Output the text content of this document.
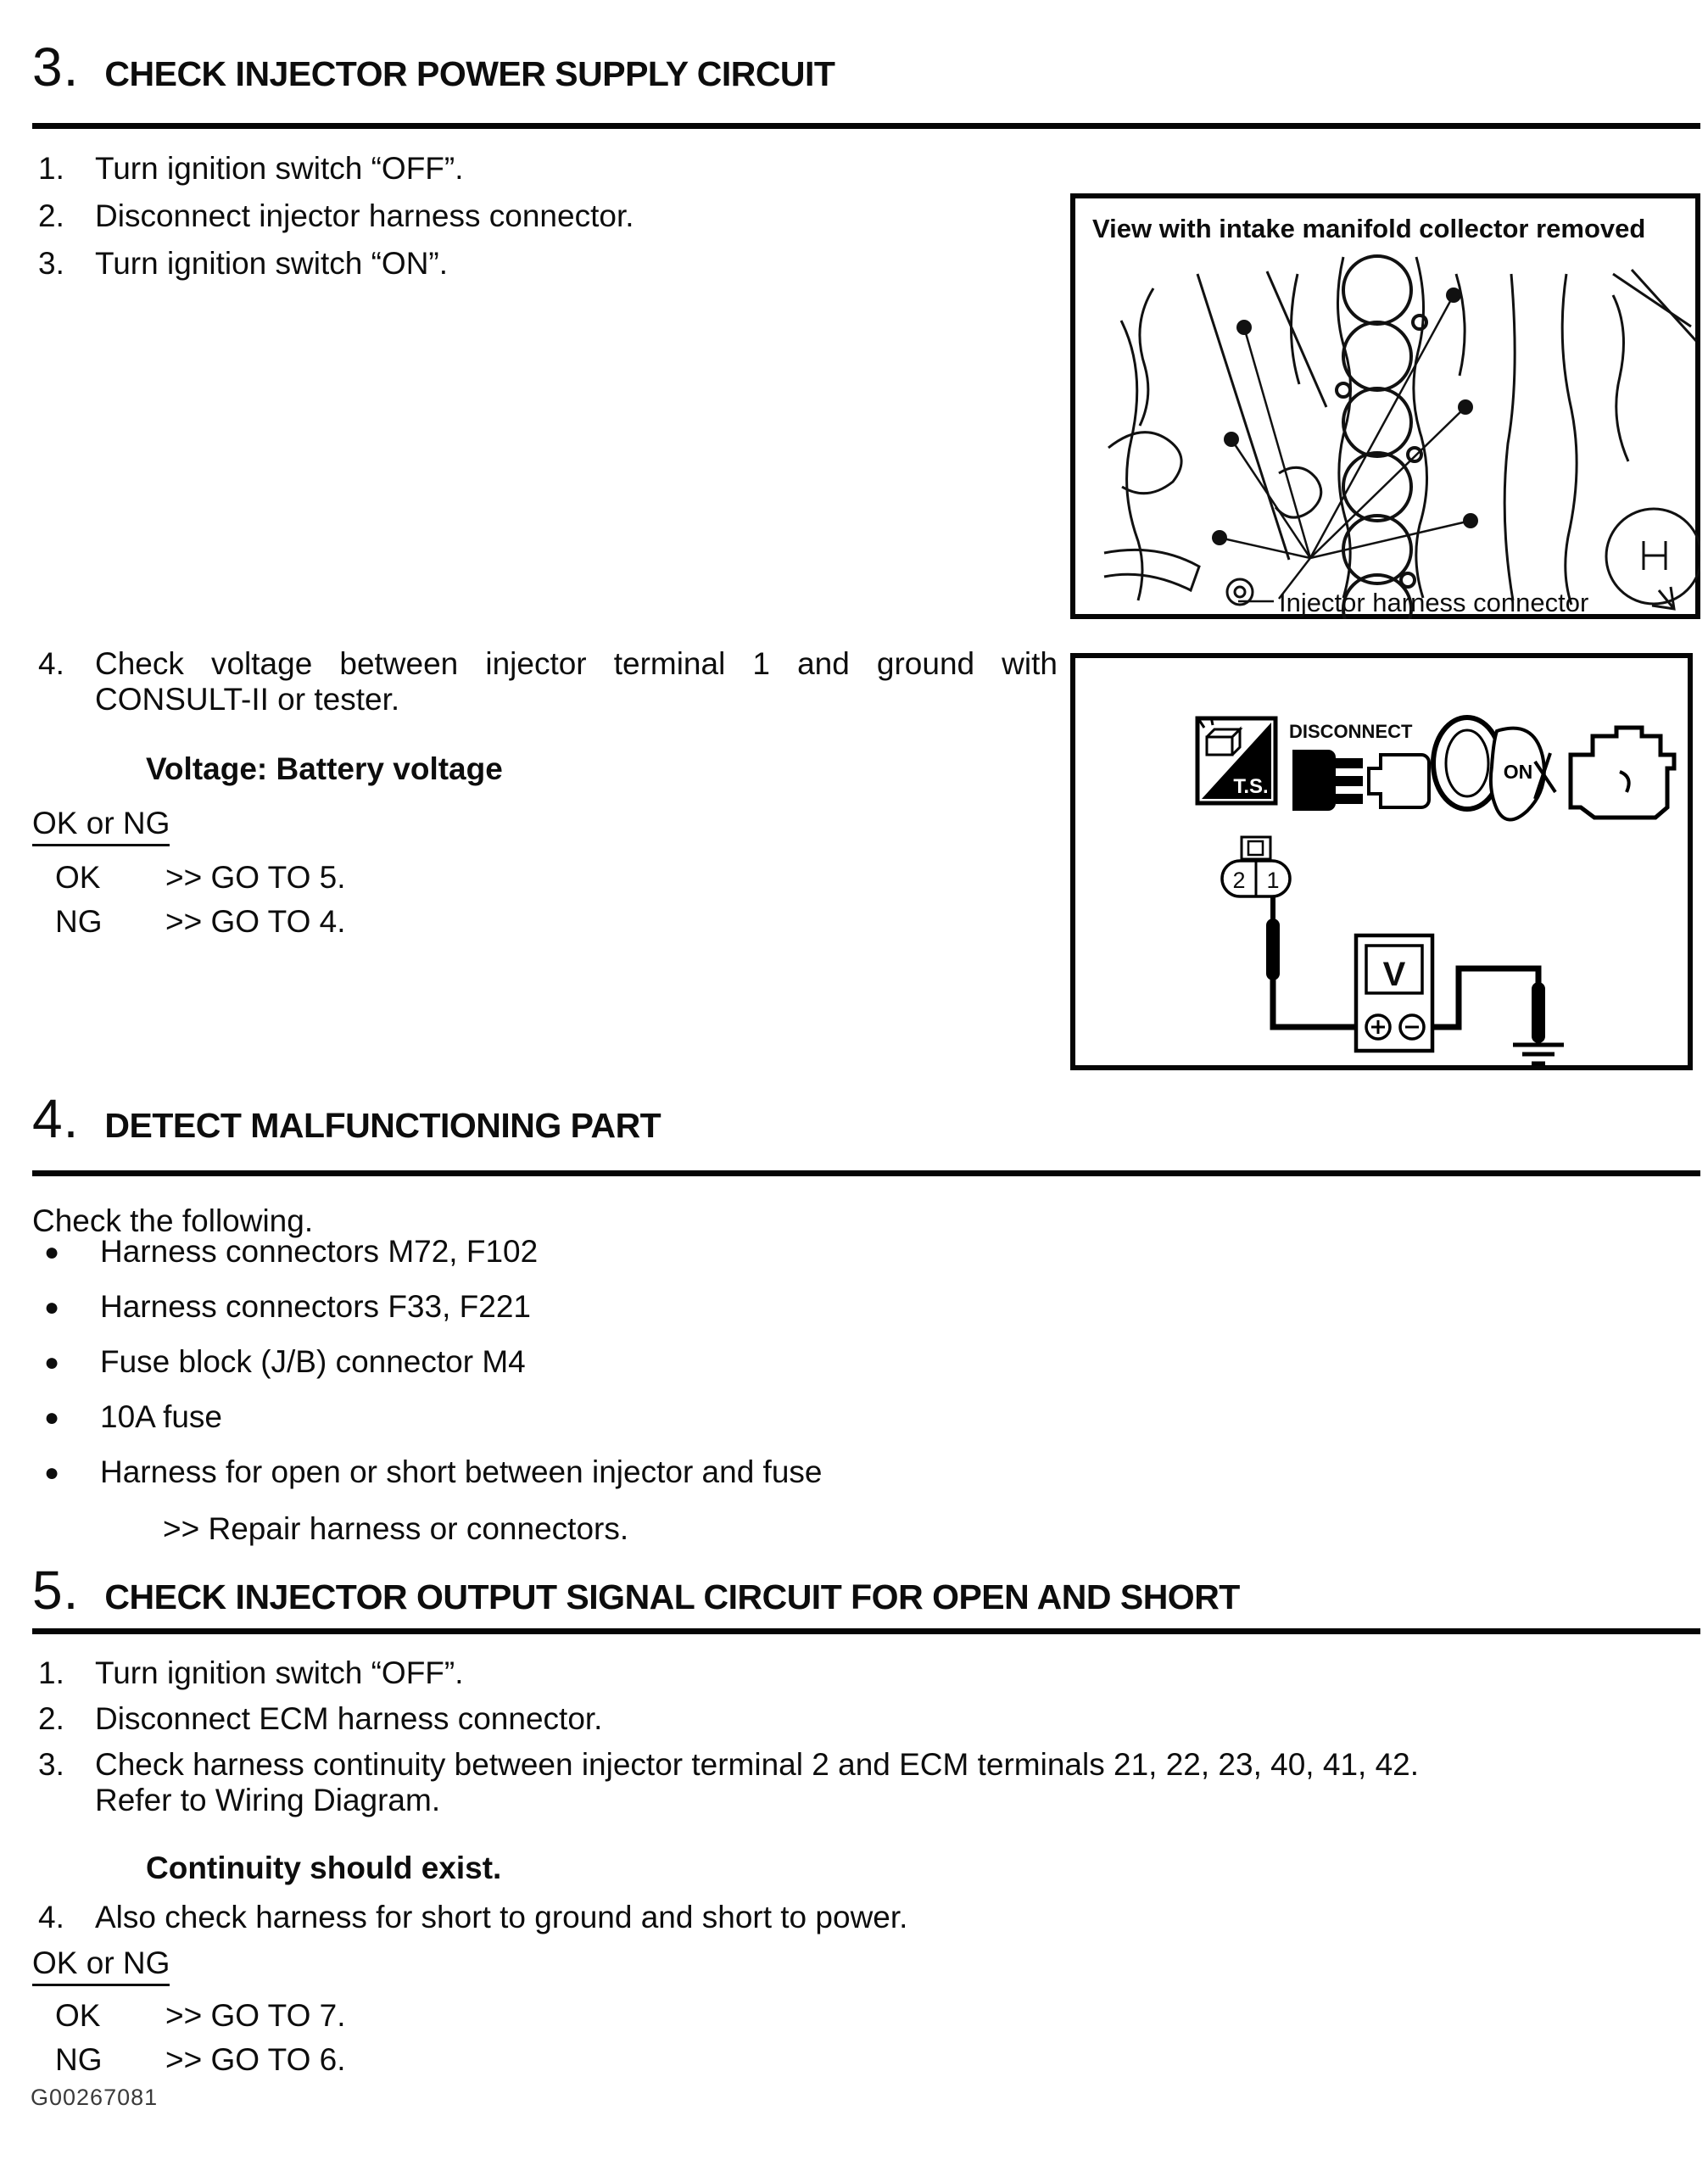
3. CHECK INJECTOR POWER SUPPLY CIRCUIT
1. Turn ignition switch “OFF”.
2. Disconnect injector harness connector.
3. Turn ignition switch “ON”.
4. Check voltage between injector terminal 1 and ground with
CONSULT-II or tester.
Voltage: Battery voltage
OK or NG
OK >> GO TO 5.
NG >> GO TO 4.
View with intake manifold collector removed
Injector harness connector
T.S.
DISCONNECT
ON
2 1
V
4. DETECT MALFUNCTIONING PART
Check the following.
● Harness connectors M72, F102
● Harness connectors F33, F221
● Fuse block (J/B) connector M4
● 10A fuse
● Harness for open or short between injector and fuse
>> Repair harness or connectors.
5. CHECK INJECTOR OUTPUT SIGNAL CIRCUIT FOR OPEN AND SHORT
1. Turn ignition switch “OFF”.
2. Disconnect ECM harness connector.
3. Check harness continuity between injector terminal 2 and ECM terminals 21, 22, 23, 40, 41, 42.
Refer to Wiring Diagram.
Continuity should exist.
4. Also check harness for short to ground and short to power.
OK or NG
OK >> GO TO 7.
NG >> GO TO 6.
G00267081
